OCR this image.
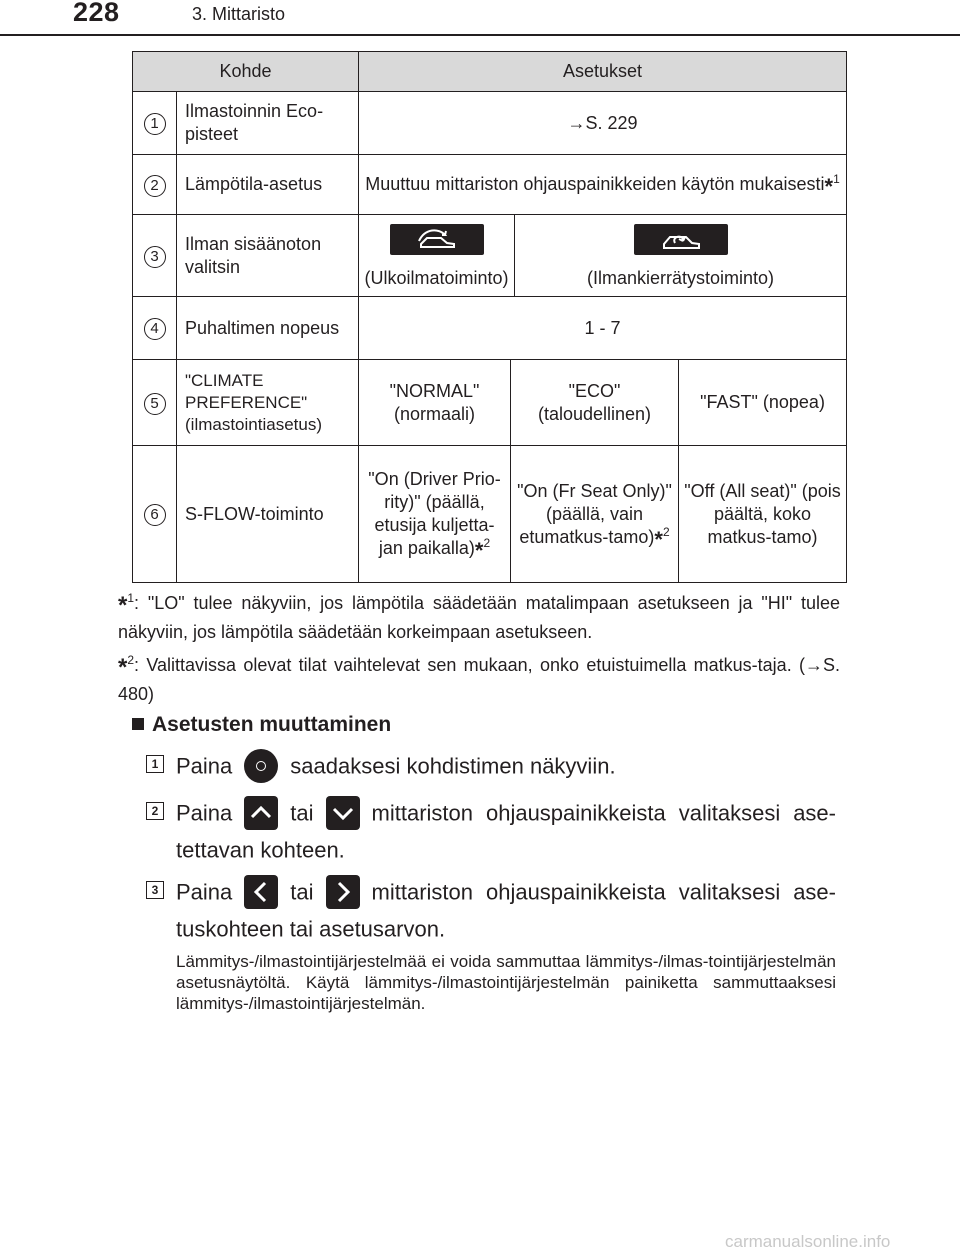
228	3. Mittaristo
Kohde		Asetukset			
1	Ilmastoinnin Eco-pisteet	→S. 229			
2	Lämpötila-asetus	Muuttuu mittariston ohjauspainikkeiden käytön mukaisesti*$^1$
3	Ilman sisäänoton valitsin	(Ulkoilmatoiminto)		(Ilmankierrätystoiminto)	
4	Puhaltimen nopeus	1 - 7			
5	"CLIMATE PREFERENCE" (ilmastointiasetus)	"NORMAL" (normaali)	"ECO" (taloudellinen)		"FAST" (nopea)
6	S-FLOW-toiminto	"On (Driver Prio-rity)" (päällä, etusija kuljetta-jan paikalla)*$^2$	"On (Fr Seat Only)" (päällä, vain etumatkus-tamo)*$^2$		"Off (All seat)" (pois päältä, koko matkus-tamo)
*$^1$: "LO" tulee näkyviin, jos lämpötila säädetään matalimpaan asetukseen ja "HI" tulee näkyviin, jos lämpötila säädetään korkeimpaan asetukseen.
*$^2$: Valittavissa olevat tilat vaihtelevat sen mukaan, onko etuistuimella matkus-taja. (→S. 480)
Asetusten muuttaminen
1 Paina	saadaksesi kohdistimen näkyviin.
2 Paina	tai	mittariston ohjauspainikkeista valitaksesi ase-tettavan kohteen.
3 Paina	tai	mittariston ohjauspainikkeista valitaksesi ase-tuskohteen tai asetusarvon.
Lämmitys-/ilmastointijärjestelmää ei voida sammuttaa lämmitys-/ilmas-tointijärjestelmän asetusnäytöltä. Käytä lämmitys-/ilmastointijärjestelmän painiketta sammuttaaksesi lämmitys-/ilmastointijärjestelmän.
carmanualsonline.info
